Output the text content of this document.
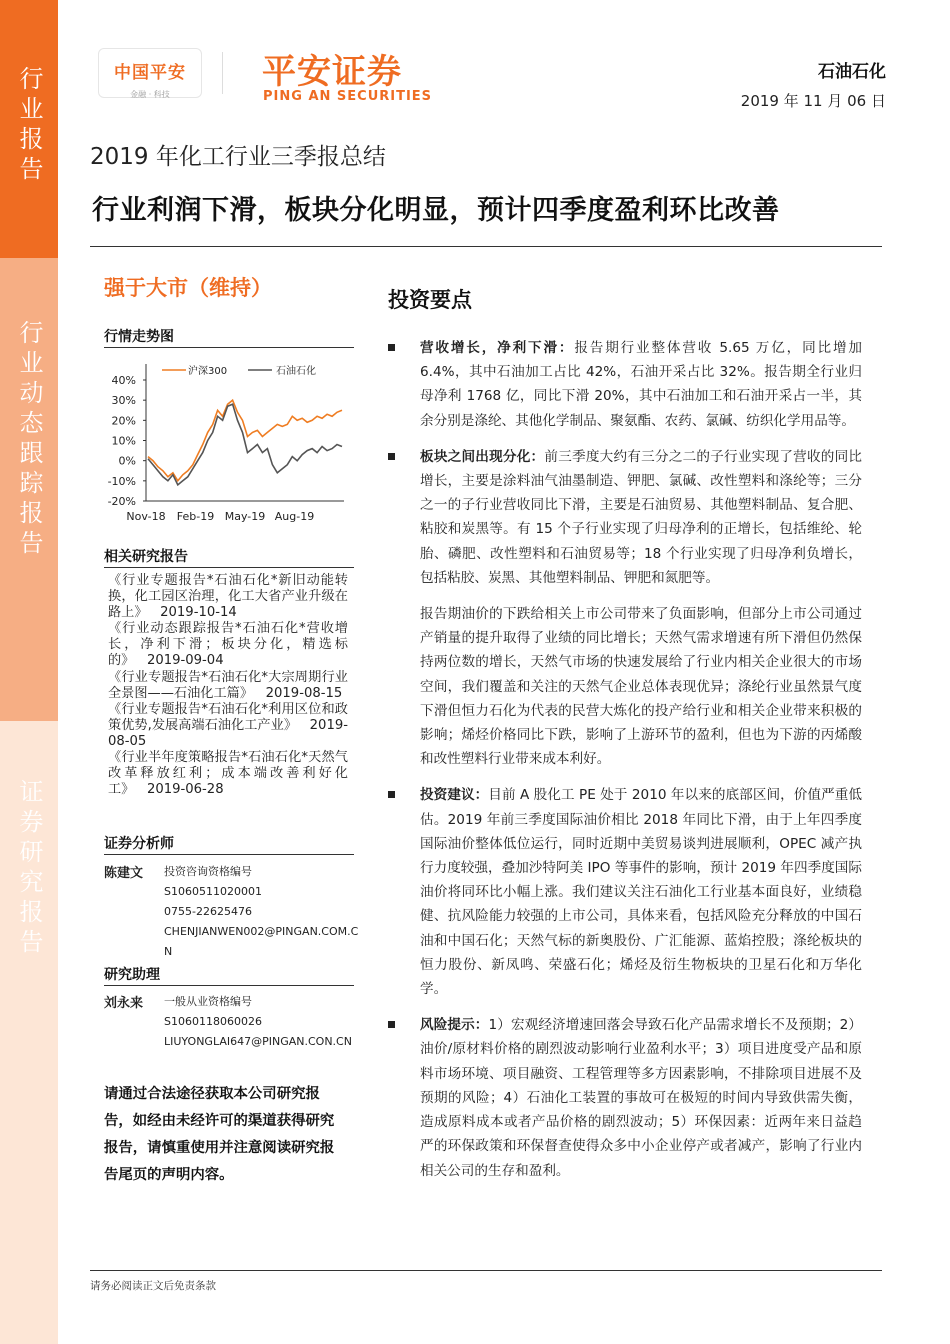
行业报告
行业动态跟踪报告
证券研究报告
中国平安
金融 · 科技
平安证券
PING AN SECURITIES
石油石化
2019 年 11 月 06 日
2019 年化工行业三季报总结
行业利润下滑，板块分化明显，预计四季度盈利环比改善
强于大市（维持）
行情走势图
40%
30%
20%
10%
0%
-10%
-20%
Nov-18 Feb-19 May-19 Aug-19
沪深300	石油石化
相关研究报告
《行业专题报告*石油石化*新旧动能转换，化工园区治理，化工大省产业升级在路上》 2019-10-14
《行业动态跟踪报告*石油石化*营收增长，净利下滑；板块分化，精选标的》 2019-09-04
《行业专题报告*石油石化*大宗周期行业全景图——石油化工篇》 2019-08-15
《行业专题报告*石油石化*利用区位和政策优势,发展高端石油化工产业》 2019-08-05
《行业半年度策略报告*石油石化*天然气改革释放红利；成本端改善利好化工》 2019-06-28
证券分析师
陈建文 投资咨询资格编号
S1060511020001
0755-22625476
CHENJIANWEN002@PINGAN.COM.CN
研究助理
刘永来 一般从业资格编号
S1060118060026
LIUYONGLAI647@PINGAN.CON.CN
请通过合法途径获取本公司研究报告，如经由未经许可的渠道获得研究报告，请慎重使用并注意阅读研究报告尾页的声明内容。
投资要点
营收增长，净利下滑：报告期行业整体营收 5.65 万亿，同比增加 6.4%，其中石油加工占比 42%，石油开采占比 32%。报告期全行业归母净利 1768 亿，同比下滑 20%，其中石油加工和石油开采占一半，其余分别是涤纶、其他化学制品、聚氨酯、农药、氯碱、纺织化学用品等。
板块之间出现分化：前三季度大约有三分之二的子行业实现了营收的同比增长，主要是涂料油气油墨制造、钾肥、氯碱、改性塑料和涤纶等；三分之一的子行业营收同比下滑，主要是石油贸易、其他塑料制品、复合肥、粘胶和炭黑等。有 15 个子行业实现了归母净利的正增长，包括维纶、轮胎、磷肥、改性塑料和石油贸易等；18 个行业实现了归母净利负增长，包括粘胶、炭黑、其他塑料制品、钾肥和氮肥等。
报告期油价的下跌给相关上市公司带来了负面影响，但部分上市公司通过产销量的提升取得了业绩的同比增长；天然气需求增速有所下滑但仍然保持两位数的增长，天然气市场的快速发展给了行业内相关企业很大的市场空间，我们覆盖和关注的天然气企业总体表现优异；涤纶行业虽然景气度下滑但恒力石化为代表的民营大炼化的投产给行业和相关企业带来积极的影响；烯烃价格同比下跌，影响了上游环节的盈利，但也为下游的丙烯酸和改性塑料行业带来成本利好。
投资建议：目前 A 股化工 PE 处于 2010 年以来的底部区间，价值严重低估。2019 年前三季度国际油价相比 2018 年同比下滑，由于上年四季度国际油价整体低位运行，同时近期中美贸易谈判进展顺利，OPEC 减产执行力度较强，叠加沙特阿美 IPO 等事件的影响，预计 2019 年四季度国际油价将同环比小幅上涨。我们建议关注石油化工行业基本面良好，业绩稳健、抗风险能力较强的上市公司，具体来看，包括风险充分释放的中国石油和中国石化；天然气标的新奥股份、广汇能源、蓝焰控股；涤纶板块的恒力股份、新凤鸣、荣盛石化；烯烃及衍生物板块的卫星石化和万华化学。
风险提示：1）宏观经济增速回落会导致石化产品需求增长不及预期；2）油价/原材料价格的剧烈波动影响行业盈利水平；3）项目进度受产品和原料市场环境、项目融资、工程管理等多方因素影响，不排除项目进展不及预期的风险；4）石油化工装置的事故可在极短的时间内导致供需失衡，造成原料成本或者产品价格的剧烈波动；5）环保因素：近两年来日益趋严的环保政策和环保督查使得众多中小企业停产或者减产，影响了行业内相关公司的生存和盈利。
请务必阅读正文后免责条款
